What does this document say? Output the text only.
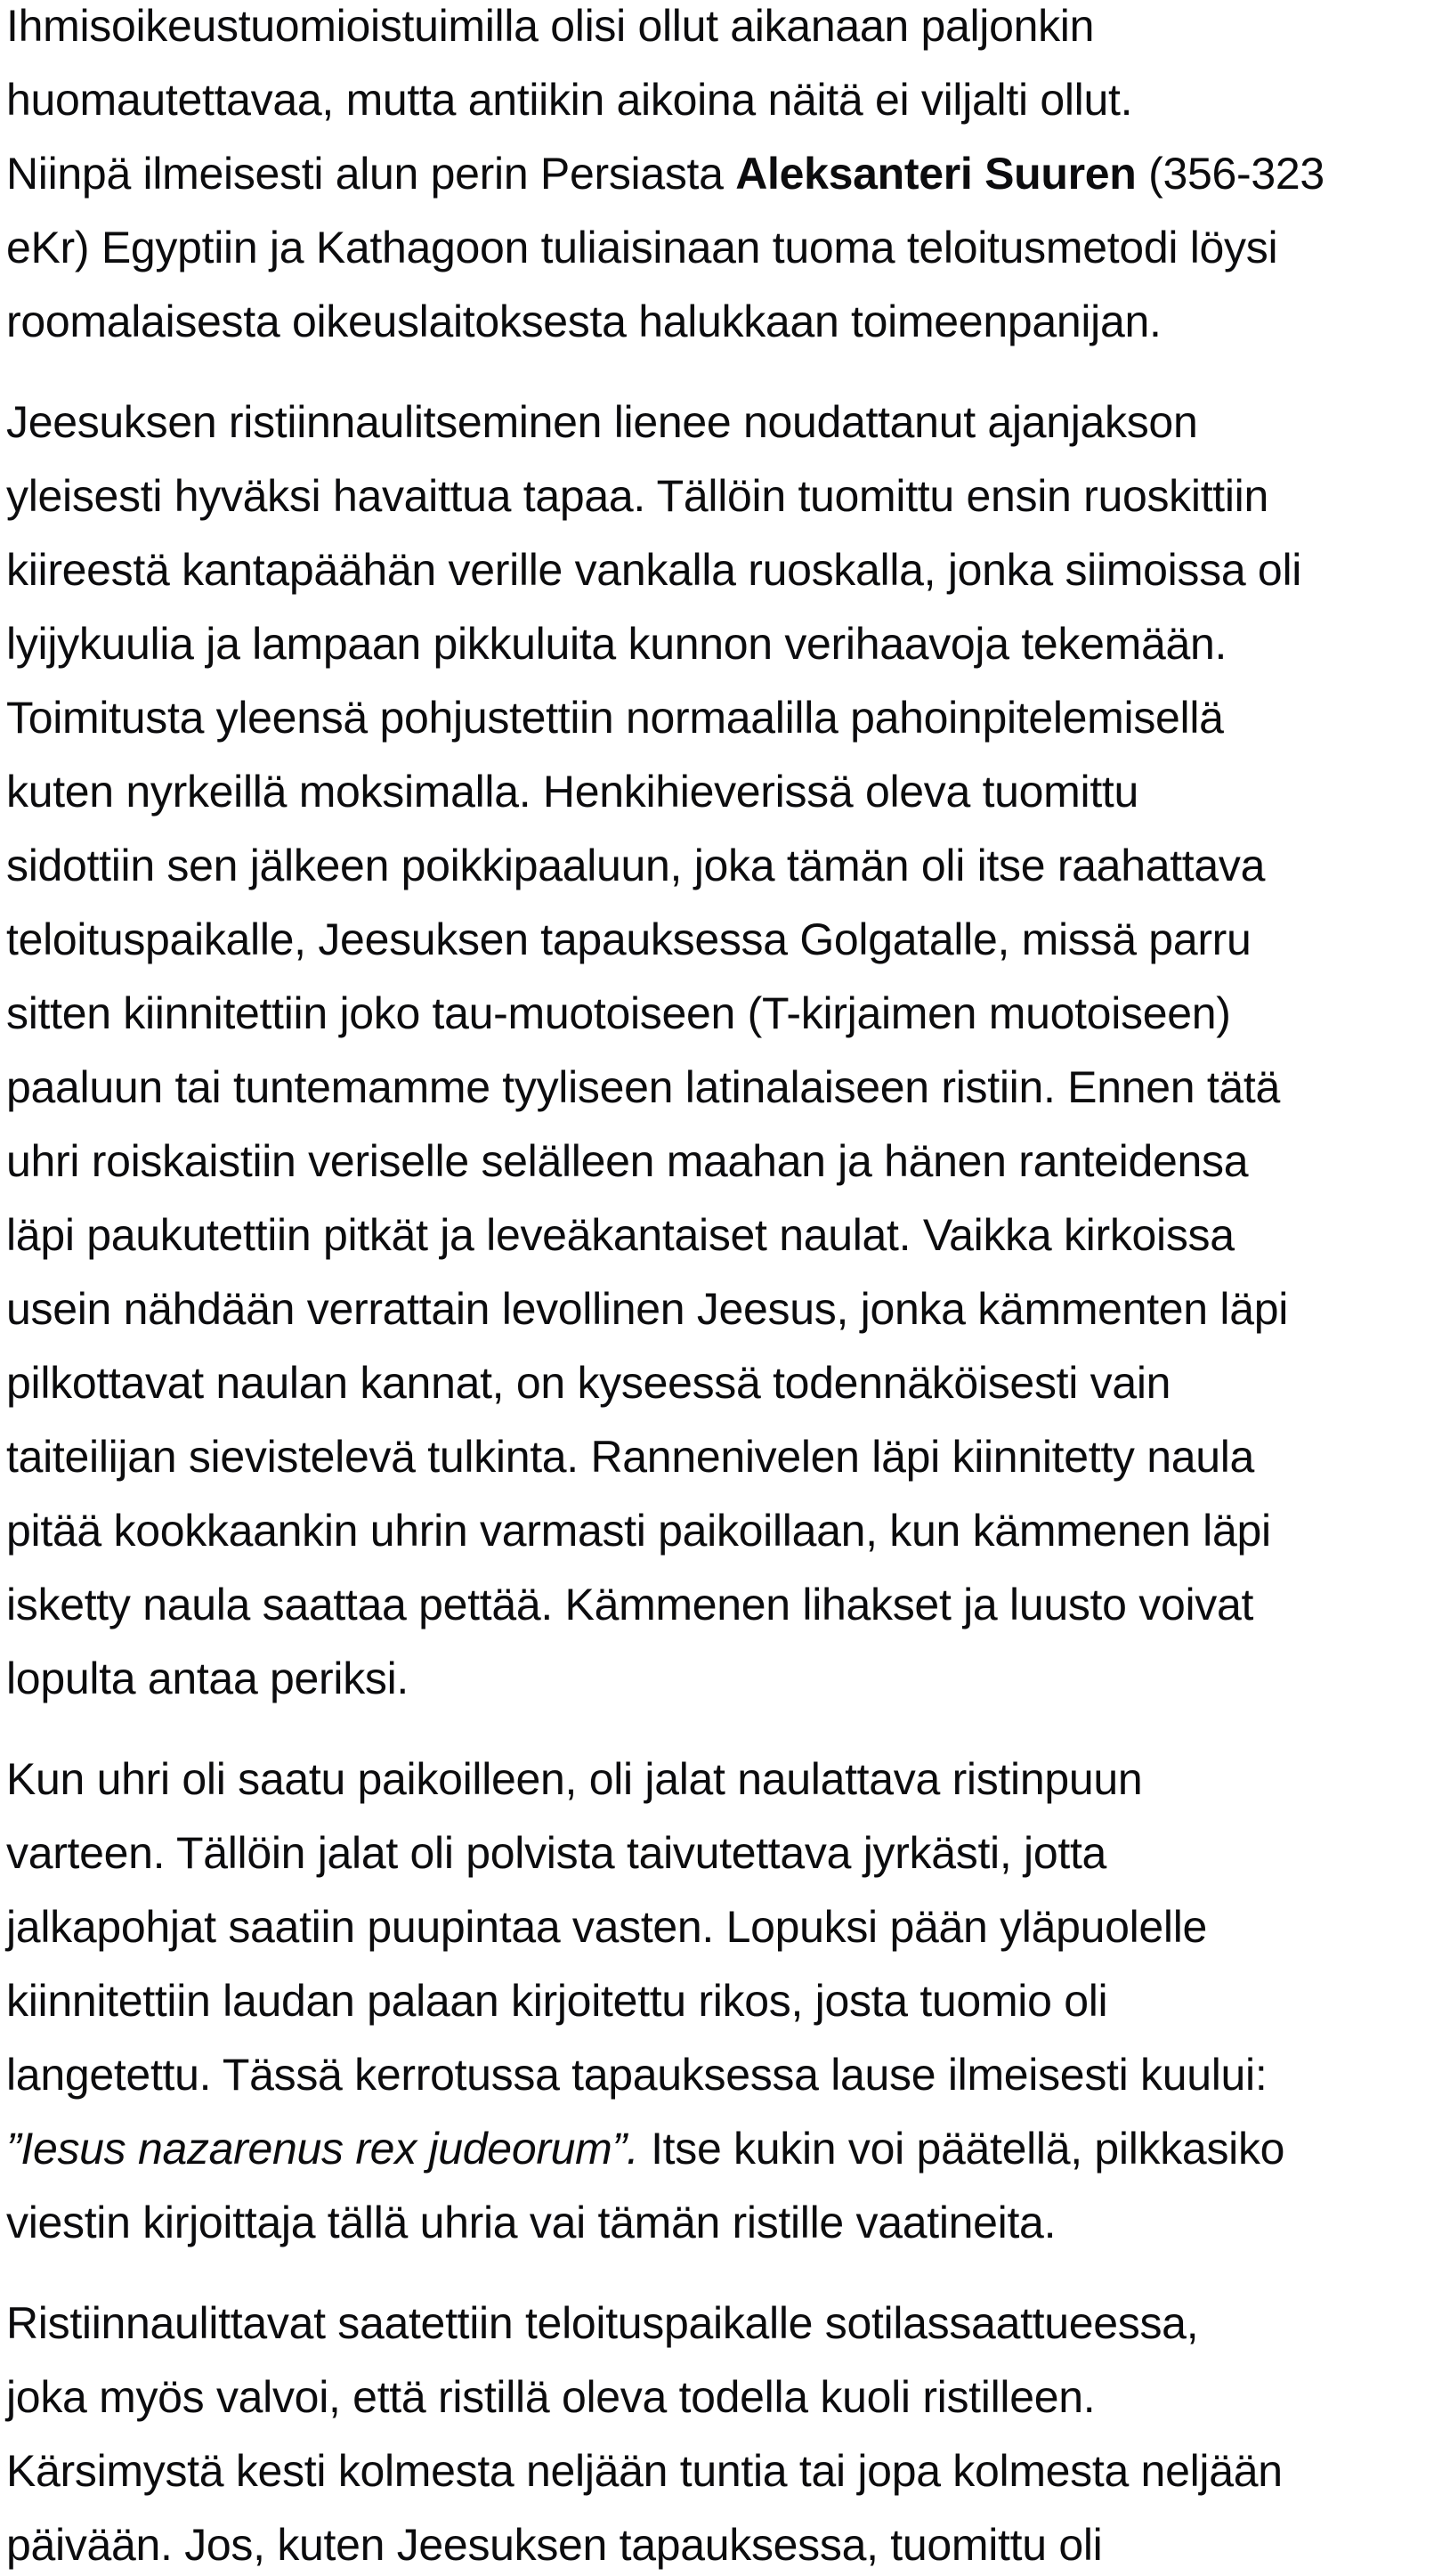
Ihmisoikeustuomioistuimilla olisi ollut aikanaan paljonkin
huomautettavaa, mutta antiikin aikoina näitä ei viljalti ollut.
Niinpä ilmeisesti alun perin Persiasta Aleksanteri Suuren (356-323
eKr) Egyptiin ja Kathagoon tuliaisinaan tuoma teloitusmetodi löysi
roomalaisesta oikeuslaitoksesta halukkaan toimeenpanijan.
Jeesuksen ristiinnaulitseminen lienee noudattanut ajanjakson
yleisesti hyväksi havaittua tapaa. Tällöin tuomittu ensin ruoskittiin
kiireestä kantapäähän verille vankalla ruoskalla, jonka siimoissa oli
lyijykuulia ja lampaan pikkuluita kunnon verihaavoja tekemään.
Toimitusta yleensä pohjustettiin normaalilla pahoinpitelemisellä
kuten nyrkeillä moksimalla. Henkihieverissä oleva tuomittu
sidottiin sen jälkeen poikkipaaluun, joka tämän oli itse raahattava
teloituspaikalle, Jeesuksen tapauksessa Golgatalle, missä parru
sitten kiinnitettiin joko tau-muotoiseen (T-kirjaimen muotoiseen)
paaluun tai tuntemamme tyyliseen latinalaiseen ristiin. Ennen tätä
uhri roiskaistiin veriselle selälleen maahan ja hänen ranteidensa
läpi paukutettiin pitkät ja leveäkantaiset naulat. Vaikka kirkoissa
usein nähdään verrattain levollinen Jeesus, jonka kämmenten läpi
pilkottavat naulan kannat, on kyseessä todennäköisesti vain
taiteilijan sievistelevä tulkinta. Rannenivelen läpi kiinnitetty naula
pitää kookkaankin uhrin varmasti paikoillaan, kun kämmenen läpi
isketty naula saattaa pettää. Kämmenen lihakset ja luusto voivat
lopulta antaa periksi.
Kun uhri oli saatu paikoilleen, oli jalat naulattava ristinpuun
varteen. Tällöin jalat oli polvista taivutettava jyrkästi, jotta
jalkapohjat saatiin puupintaa vasten. Lopuksi pään yläpuolelle
kiinnitettiin laudan palaan kirjoitettu rikos, josta tuomio oli
langetettu. Tässä kerrotussa tapauksessa lause ilmeisesti kuului:
”Iesus nazarenus rex judeorum”. Itse kukin voi päätellä, pilkkasiko
viestin kirjoittaja tällä uhria vai tämän ristille vaatineita.
Ristiinnaulittavat saatettiin teloituspaikalle sotilassaattueessa,
joka myös valvoi, että ristillä oleva todella kuoli ristilleen.
Kärsimystä kesti kolmesta neljään tuntia tai jopa kolmesta neljään
päivään. Jos, kuten Jeesuksen tapauksessa, tuomittu oli
